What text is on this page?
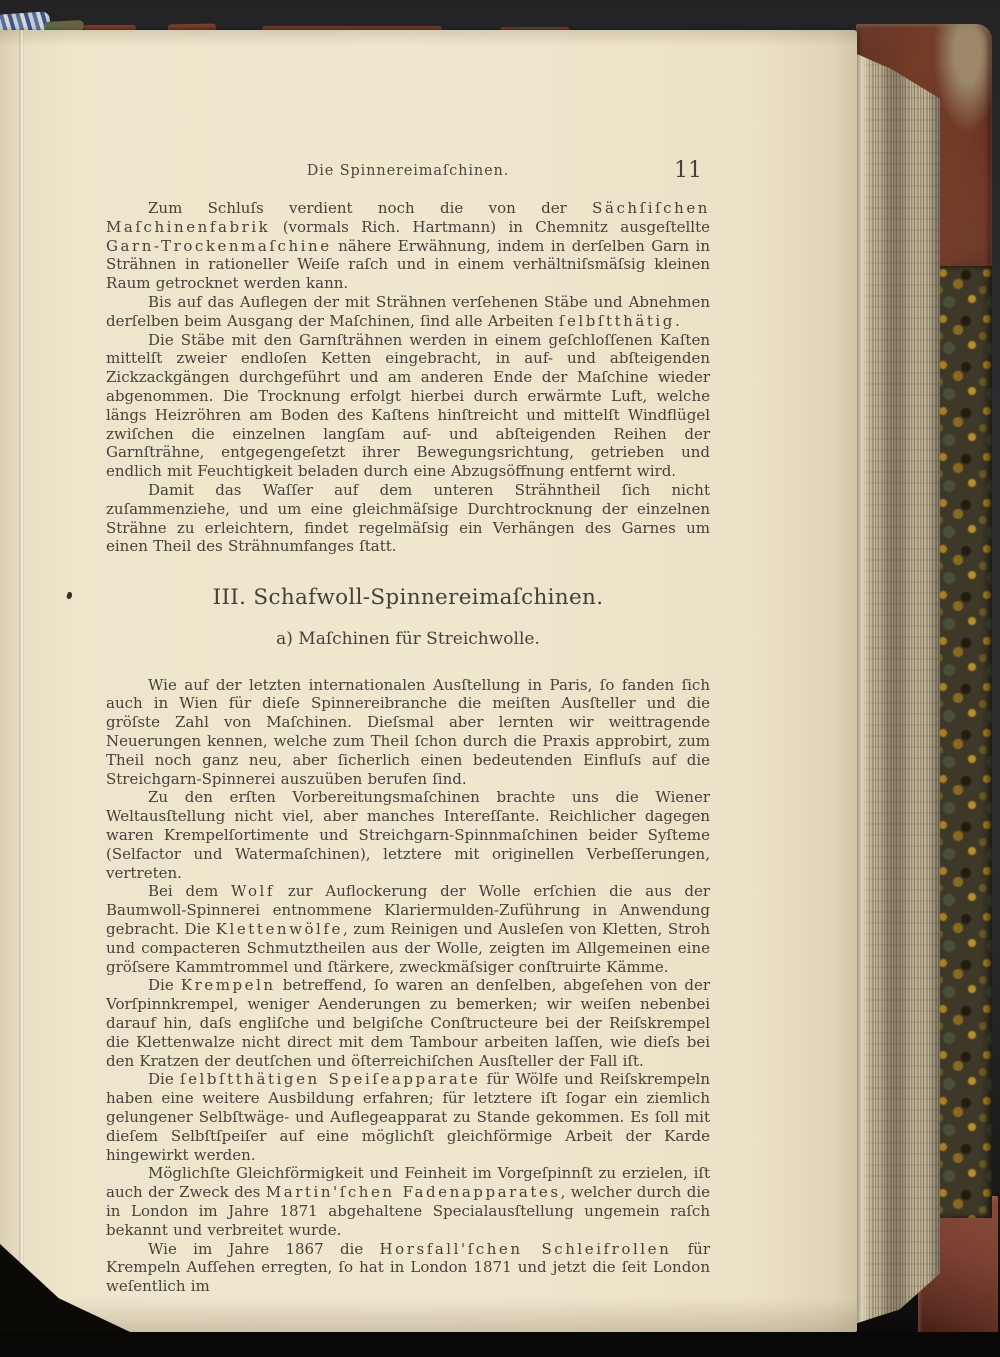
Die Spinnereimaſchinen.	11

Zum Schluſs verdient noch die von der Sächſiſchen Maſchinenfabrik (vormals Rich. Hartmann) in Chemnitz ausgeſtellte Garn-Trockenmaſchine nähere Erwähnung, indem in derſelben Garn in Strähnen in rationeller Weiſe raſch und in einem verhältniſsmäſsig kleinen Raum getrocknet werden kann.

Bis auf das Auflegen der mit Strähnen verſehenen Stäbe und Abnehmen derſelben beim Ausgang der Maſchinen, ſind alle Arbeiten ſelbſtthätig.

Die Stäbe mit den Garnſträhnen werden in einem geſchloſſenen Kaſten mittelſt zweier endloſen Ketten eingebracht, in auf- und abſteigenden Zickzackgängen durchgeführt und am anderen Ende der Maſchine wieder abgenommen. Die Trocknung erfolgt hierbei durch erwärmte Luft, welche längs Heizröhren am Boden des Kaſtens hinſtreicht und mittelſt Windflügel zwiſchen die einzelnen langſam auf- und abſteigenden Reihen der Garnſträhne, entgegengeſetzt ihrer Bewegungsrichtung, getrieben und endlich mit Feuchtigkeit beladen durch eine Abzugsöffnung entfernt wird.

Damit das Waſſer auf dem unteren Strähntheil ſich nicht zuſammenziehe, und um eine gleichmäſsige Durchtrocknung der einzelnen Strähne zu erleichtern, findet regelmäſsig ein Verhängen des Garnes um einen Theil des Strähnumfanges ſtatt.

III. Schafwoll-Spinnereimaſchinen.
a) Maſchinen für Streichwolle.

Wie auf der letzten internationalen Ausſtellung in Paris, ſo fanden ſich auch in Wien für dieſe Spinnereibranche die meiſten Ausſteller und die gröſste Zahl von Maſchinen. Dieſsmal aber lernten wir weittragende Neuerungen kennen, welche zum Theil ſchon durch die Praxis approbirt, zum Theil noch ganz neu, aber ſicherlich einen bedeutenden Einfluſs auf die Streichgarn-Spinnerei auszuüben berufen ſind.

Zu den erſten Vorbereitungsmaſchinen brachte uns die Wiener Weltausſtellung nicht viel, aber manches Intereſſante. Reichlicher dagegen waren Krempelſortimente und Streichgarn-Spinnmaſchinen beider Syſteme (Selfactor und Watermaſchinen), letztere mit originellen Verbeſſerungen, vertreten.

Bei dem Wolf zur Auflockerung der Wolle erſchien die aus der Baumwoll-Spinnerei entnommene Klariermulden-Zuführung in Anwendung gebracht. Die Klettenwölfe, zum Reinigen und Ausleſen von Kletten, Stroh und compacteren Schmutztheilen aus der Wolle, zeigten im Allgemeinen eine gröſsere Kammtrommel und ſtärkere, zweckmäſsiger conſtruirte Kämme.

Die Krempeln betreffend, ſo waren an denſelben, abgeſehen von der Vorſpinnkrempel, weniger Aenderungen zu bemerken; wir weiſen nebenbei darauf hin, daſs engliſche und belgiſche Conſtructeure bei der Reiſskrempel die Klettenwalze nicht direct mit dem Tambour arbeiten laſſen, wie dieſs bei den Kratzen der deutſchen und öſterreichiſchen Ausſteller der Fall iſt.

Die ſelbſtthätigen Speiſeapparate für Wölfe und Reiſskrempeln haben eine weitere Ausbildung erfahren; für letztere iſt ſogar ein ziemlich gelungener Selbſtwäge- und Auflegeapparat zu Stande gekommen. Es ſoll mit dieſem Selbſtſpeiſer auf eine möglichſt gleichförmige Arbeit der Karde hingewirkt werden.

Möglichſte Gleichförmigkeit und Feinheit im Vorgeſpinnſt zu erzielen, iſt auch der Zweck des Martin'ſchen Fadenapparates, welcher durch die in London im Jahre 1871 abgehaltene Specialausſtellung ungemein raſch bekannt und verbreitet wurde.

Wie im Jahre 1867 die Horsfall'ſchen Schleifrollen für Krempeln Aufſehen erregten, ſo hat in London 1871 und jetzt die ſeit London weſentlich im
